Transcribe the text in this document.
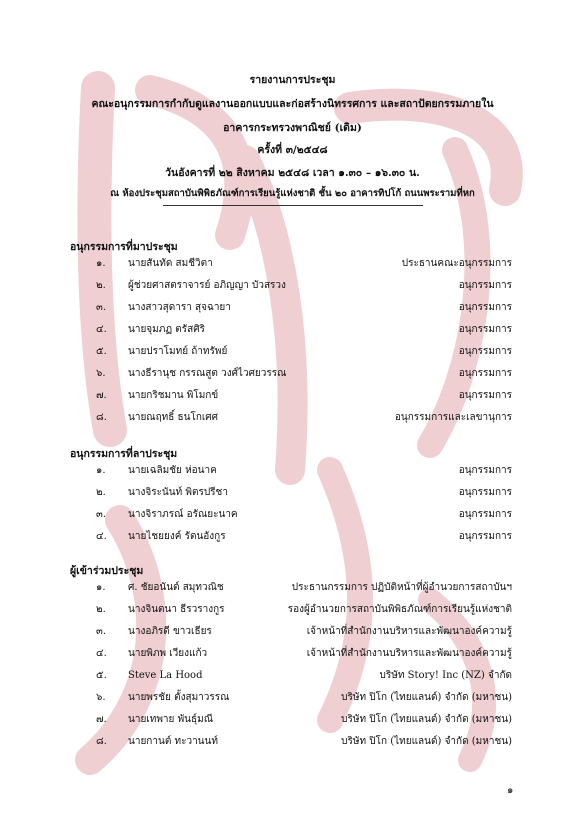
รายงานการประชุม
คณะอนุกรรมการกำกับดูแลงานออกแบบและก่อสร้างนิทรรศการ และสถาปัตยกรรมภายใน
อาคารกระทรวงพาณิชย์ (เดิม)
ครั้งที่ ๓/๒๕๔๘
วันอังคารที่ ๒๒ สิงหาคม ๒๕๔๘ เวลา ๑.๓๐ – ๑๖.๓๐ น.
ณ ห้องประชุมสถาบันพิพิธภัณฑ์การเรียนรู้แห่งชาติ ชั้น ๒๐ อาคารทิปโก้ ถนนพระรามที่หก
อนุกรรมการที่มาประชุม
๑. นายสันทัด สมชีวิตา	ประธานคณะอนุกรรมการ
๒. ผู้ช่วยศาสตราจารย์ อภิญญา บัวสรวง	อนุกรรมการ
๓. นางสาวสุดารา สุจฉายา	อนุกรรมการ
๔. นายจุมภฏ ตรัสศิริ	อนุกรรมการ
๕. นายปราโมทย์ ถ้าทรัพย์	อนุกรรมการ
๖. นางธีรานุช กรรณสูต วงศ์ไวศยวรรณ	อนุกรรมการ
๗. นายกริชมาน พิโมกข์	อนุกรรมการ
๘. นายณฤทธิ์ ธนโกเศศ	อนุกรรมการและเลขานุการ
อนุกรรมการที่ลาประชุม
๑. นายเฉลิมชัย ห่อนาค	อนุกรรมการ
๒. นางจิระนันท์ พิตรปรีชา	อนุกรรมการ
๓. นางจิราภรณ์ อรัณยะนาค	อนุกรรมการ
๔. นายไชยยงค์ รัตนอังกูร	อนุกรรมการ
ผู้เข้าร่วมประชุม
๑. ศ. ชัยอนันต์ สมุทวณิช	ประธานกรรมการ ปฏิบัติหน้าที่ผู้อำนวยการสถาบันฯ
๒. นางจินตนา ธีรวรางกูร	รองผู้อำนวยการสถาบันพิพิธภัณฑ์การเรียนรู้แห่งชาติ
๓. นางอภิรดี ขาวเธียร	เจ้าหน้าที่สำนักงานบริหารและพัฒนาองค์ความรู้
๔. นายพิภพ เวียงแก้ว	เจ้าหน้าที่สำนักงานบริหารและพัฒนาองค์ความรู้
๕. Steve La Hood	บริษัท Story! Inc (NZ) จำกัด
๖. นายพรชัย ตั้งสุมาวรรณ	บริษัท ปิโก (ไทยแลนด์) จำกัด (มหาชน)
๗. นายเทพาย พันธุ์มณี	บริษัท ปิโก (ไทยแลนด์) จำกัด (มหาชน)
๘. นายกานต์ ทะวานนท์	บริษัท ปิโก (ไทยแลนด์) จำกัด (มหาชน)
๑
